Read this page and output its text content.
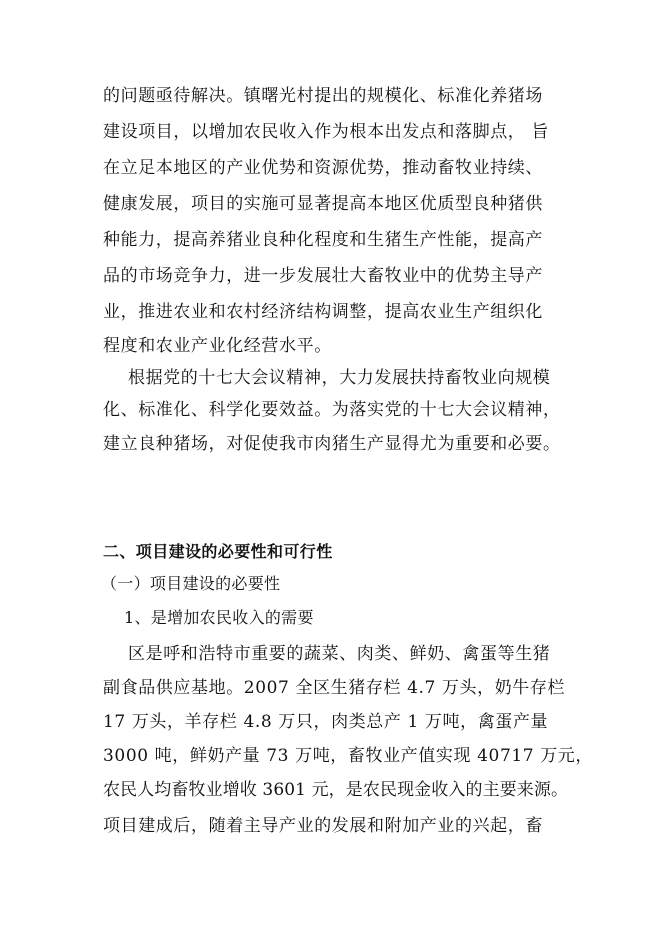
的问题亟待解决。镇曙光村提出的规模化、标准化养猪场
建设项目，以增加农民收入作为根本出发点和落脚点， 旨
在立足本地区的产业优势和资源优势，推动畜牧业持续、
健康发展，项目的实施可显著提高本地区优质型良种猪供
种能力，提高养猪业良种化程度和生猪生产性能，提高产
品的市场竞争力，进一步发展壮大畜牧业中的优势主导产
业，推进农业和农村经济结构调整，提高农业生产组织化
程度和农业产业化经营水平。
根据党的十七大会议精神，大力发展扶持畜牧业向规模
化、标准化、科学化要效益。为落实党的十七大会议精神，
建立良种猪场，对促使我市肉猪生产显得尤为重要和必要。
二、项目建设的必要性和可行性
（一）项目建设的必要性
1、是增加农民收入的需要
区是呼和浩特市重要的蔬菜、肉类、鲜奶、禽蛋等生猪
副食品供应基地。2007 全区生猪存栏 4.7 万头，奶牛存栏
17 万头，羊存栏 4.8 万只，肉类总产 1 万吨，禽蛋产量
3000 吨，鲜奶产量 73 万吨，畜牧业产值实现 40717 万元，
农民人均畜牧业增收 3601 元，是农民现金收入的主要来源。
项目建成后，随着主导产业的发展和附加产业的兴起，畜
